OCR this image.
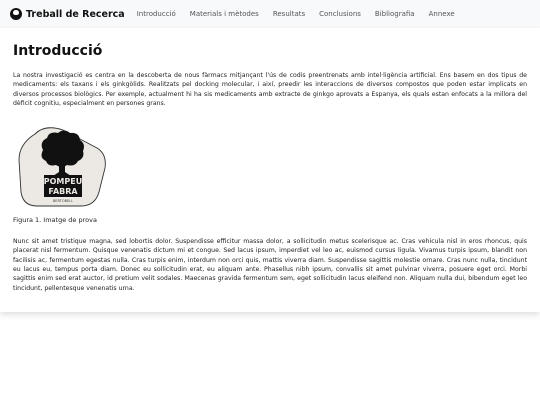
Treball de Recerca Introducció Materials i mètodes Resultats Conclusions Bibliografia Annexe
Introducció

La nostra investigació es centra en la descoberta de nous fàrmacs mitjançant l'ús de codis preentrenats amb intel·ligència artificial. Ens basem en dos tipus de medicaments: els taxans i els ginkgòlids. Realitzats pel docking molecular, i així, preedir les interaccions de diversos compostos que poden estar implicats en diversos processos biològics. Per exemple, actualment hi ha sis medicaments amb extracte de ginkgo aprovats a Espanya, els quals estan enfocats a la millora del dèficit cognitiu, especialment en persones grans.

POMPEU
FABRA
BERTOBELL
Figura 1. Imatge de prova

Nunc sit amet tristique magna, sed lobortis dolor. Suspendisse efficitur massa dolor, a sollicitudin metus scelerisque ac. Cras vehicula nisl in eros rhoncus, quis placerat nisl fermentum. Quisque venenatis dictum mi et congue. Sed lacus ipsum, imperdiet vel leo ac, euismod cursus ligula. Vivamus turpis ipsum, blandit non facilisis ac, fermentum egestas nulla. Cras turpis enim, interdum non orci quis, mattis viverra diam. Suspendisse sagittis molestie ornare. Cras nunc nulla, tincidunt eu lacus eu, tempus porta diam. Donec eu sollicitudin erat, eu aliquam ante. Phasellus nibh ipsum, convallis sit amet pulvinar viverra, posuere eget orci. Morbi sagittis enim sed erat auctor, id pretium velit sodales. Maecenas gravida fermentum sem, eget sollicitudin lacus eleifend non. Aliquam nulla dui, bibendum eget leo tincidunt, pellentesque venenatis urna.
